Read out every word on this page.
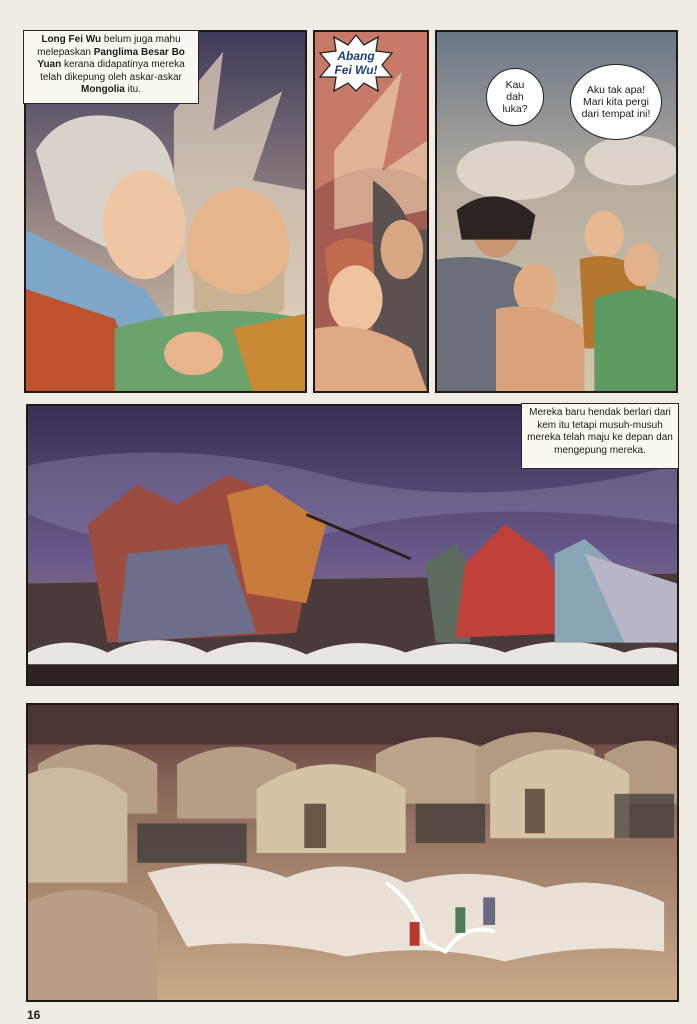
Long Fei Wu belum juga mahu melepaskan Panglima Besar Bo Yuan kerana didapatinya mereka telah dikepung oleh askar-askar Mongolia itu.
Abang Fei Wu!
Kau dah luka?
Aku tak apa! Mari kita pergi dari tempat ini!
Mereka baru hendak berlari dari kem itu tetapi musuh-musuh mereka telah maju ke depan dan mengepung mereka.
16
